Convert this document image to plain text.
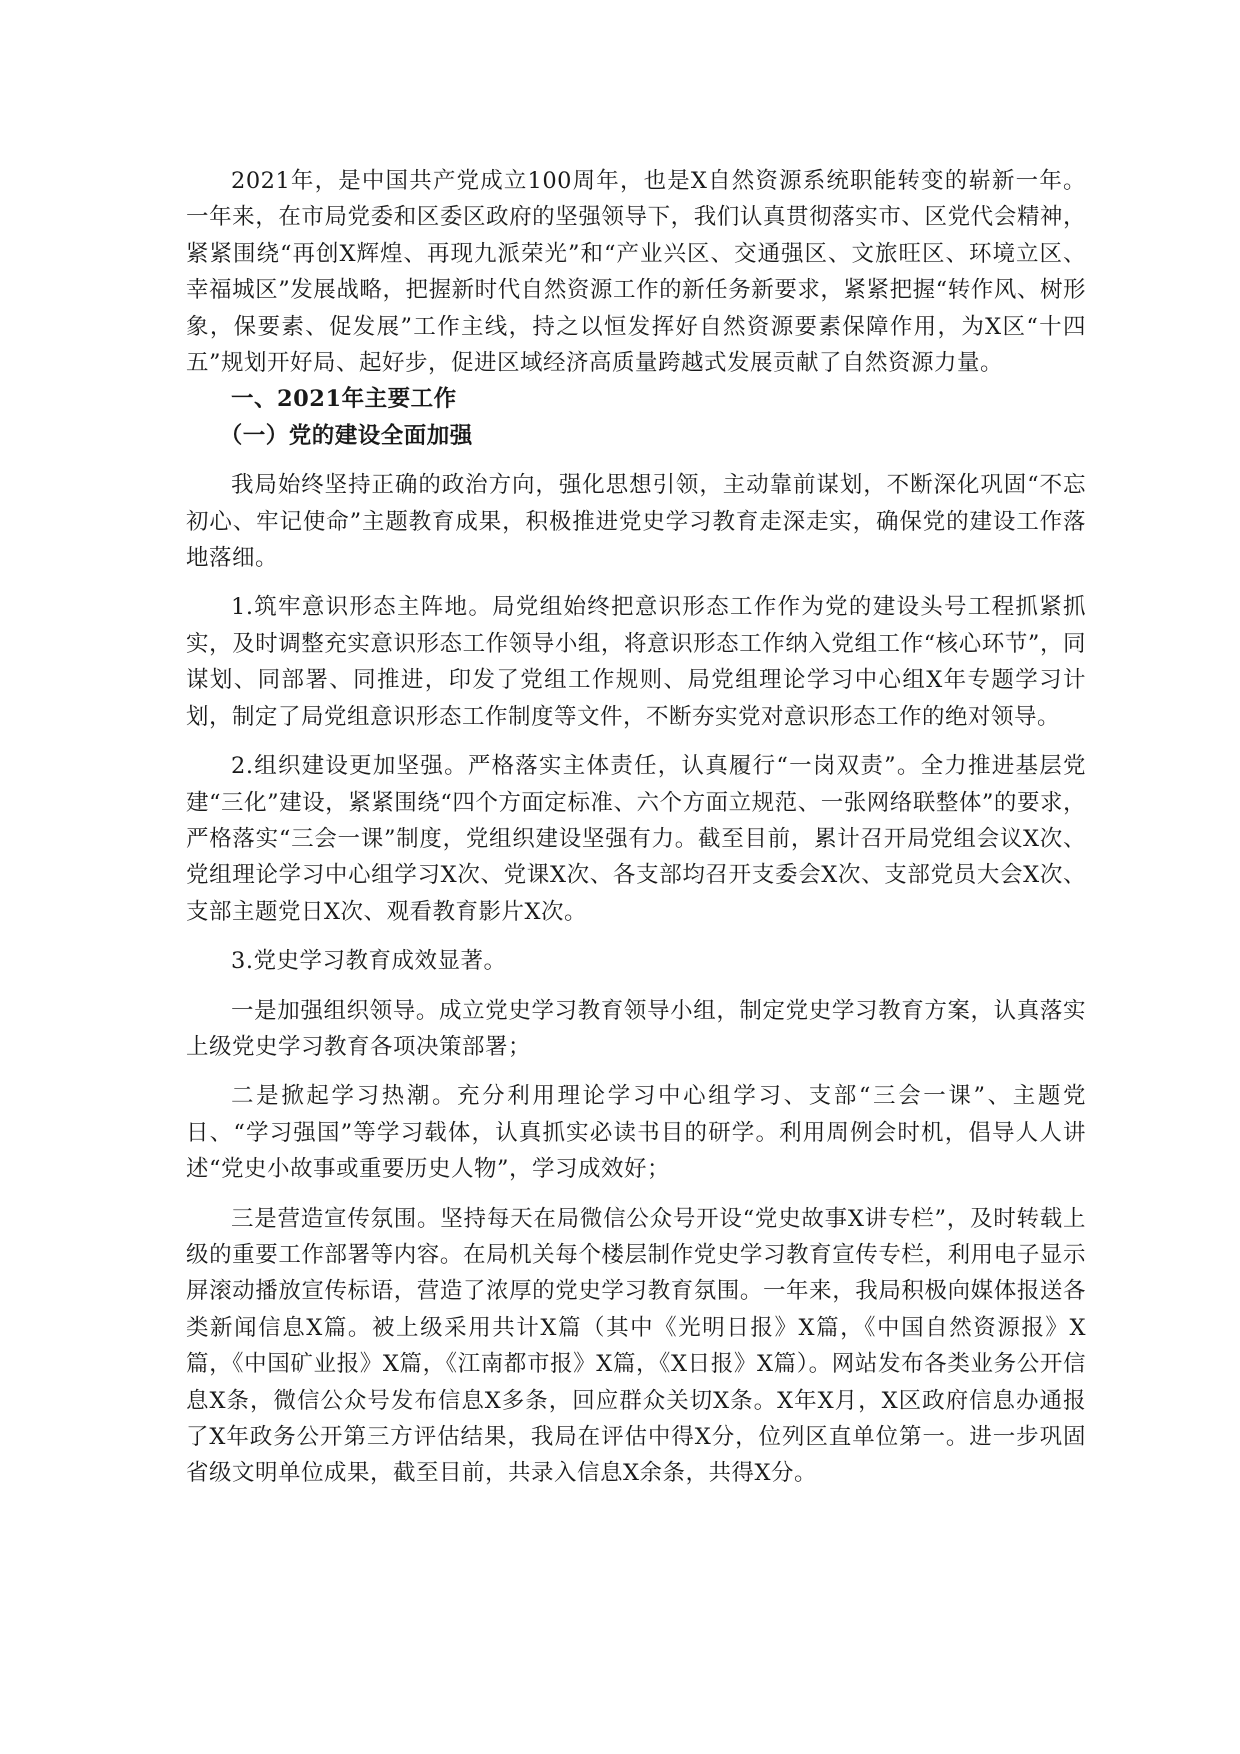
2021年，是中国共产党成立100周年，也是X自然资源系统职能转变的崭新一年。一年来，在市局党委和区委区政府的坚强领导下，我们认真贯彻落实市、区党代会精神，紧紧围绕“再创X辉煌、再现九派荣光”和“产业兴区、交通强区、文旅旺区、环境立区、幸福城区”发展战略，把握新时代自然资源工作的新任务新要求，紧紧把握“转作风、树形象，保要素、促发展”工作主线，持之以恒发挥好自然资源要素保障作用，为X区“十四五”规划开好局、起好步，促进区域经济高质量跨越式发展贡献了自然资源力量。

一、2021年主要工作

（一）党的建设全面加强

我局始终坚持正确的政治方向，强化思想引领，主动靠前谋划，不断深化巩固“不忘初心、牢记使命”主题教育成果，积极推进党史学习教育走深走实，确保党的建设工作落地落细。

1.筑牢意识形态主阵地。局党组始终把意识形态工作作为党的建设头号工程抓紧抓实，及时调整充实意识形态工作领导小组，将意识形态工作纳入党组工作“核心环节”，同谋划、同部署、同推进，印发了党组工作规则、局党组理论学习中心组X年专题学习计划，制定了局党组意识形态工作制度等文件，不断夯实党对意识形态工作的绝对领导。

2.组织建设更加坚强。严格落实主体责任，认真履行“一岗双责”。全力推进基层党建“三化”建设，紧紧围绕“四个方面定标准、六个方面立规范、一张网络联整体”的要求，严格落实“三会一课”制度，党组织建设坚强有力。截至目前，累计召开局党组会议X次、党组理论学习中心组学习X次、党课X次、各支部均召开支委会X次、支部党员大会X次、支部主题党日X次、观看教育影片X次。

3.党史学习教育成效显著。

一是加强组织领导。成立党史学习教育领导小组，制定党史学习教育方案，认真落实上级党史学习教育各项决策部署；

二是掀起学习热潮。充分利用理论学习中心组学习、支部“三会一课”、主题党日、“学习强国”等学习载体，认真抓实必读书目的研学。利用周例会时机，倡导人人讲述“党史小故事或重要历史人物”，学习成效好；

三是营造宣传氛围。坚持每天在局微信公众号开设“党史故事X讲专栏”，及时转载上级的重要工作部署等内容。在局机关每个楼层制作党史学习教育宣传专栏，利用电子显示屏滚动播放宣传标语，营造了浓厚的党史学习教育氛围。一年来，我局积极向媒体报送各类新闻信息X篇。被上级采用共计X篇（其中《光明日报》X篇，《中国自然资源报》X篇，《中国矿业报》X篇，《江南都市报》X篇，《X日报》X篇）。网站发布各类业务公开信息X条，微信公众号发布信息X多条，回应群众关切X条。X年X月，X区政府信息办通报了X年政务公开第三方评估结果，我局在评估中得X分，位列区直单位第一。进一步巩固省级文明单位成果，截至目前，共录入信息X余条，共得X分。
